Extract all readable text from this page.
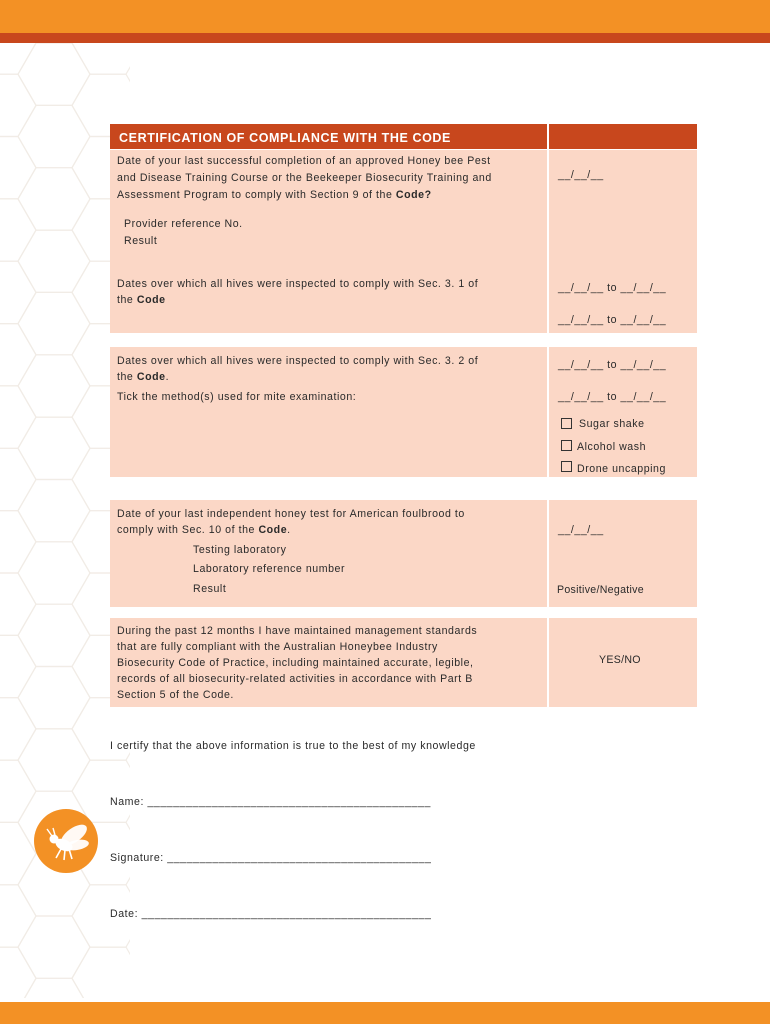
CERTIFICATION OF COMPLIANCE WITH THE CODE
Date of your last successful completion of an approved Honey bee Pest
and Disease Training Course or the Beekeeper Biosecurity Training and
Assessment Program to comply with Section 9 of the Code?
Provider reference No.
Result
__/__/__
Dates over which all hives were inspected to comply with Sec. 3. 1 of
the Code
__/__/__ to __/__/__
__/__/__ to __/__/__
Dates over which all hives were inspected to comply with Sec. 3. 2 of
the Code.
Tick the method(s) used for mite examination:
__/__/__ to __/__/__
__/__/__ to __/__/__
Sugar shake
Alcohol wash
Drone uncapping
Date of your last independent honey test for American foulbrood to
comply with Sec. 10 of the Code.
Testing laboratory
Laboratory reference number
Result
__/__/__
Positive/Negative
During the past 12 months I have maintained management standards
that are fully compliant with the Australian Honeybee Industry
Biosecurity Code of Practice, including maintained accurate, legible,
records of all biosecurity-related activities in accordance with Part B
Section 5 of the Code.
YES/NO
I certify that the above information is true to the best of my knowledge
Name: ____________________________________________
Signature: _________________________________________
Date: _____________________________________________
